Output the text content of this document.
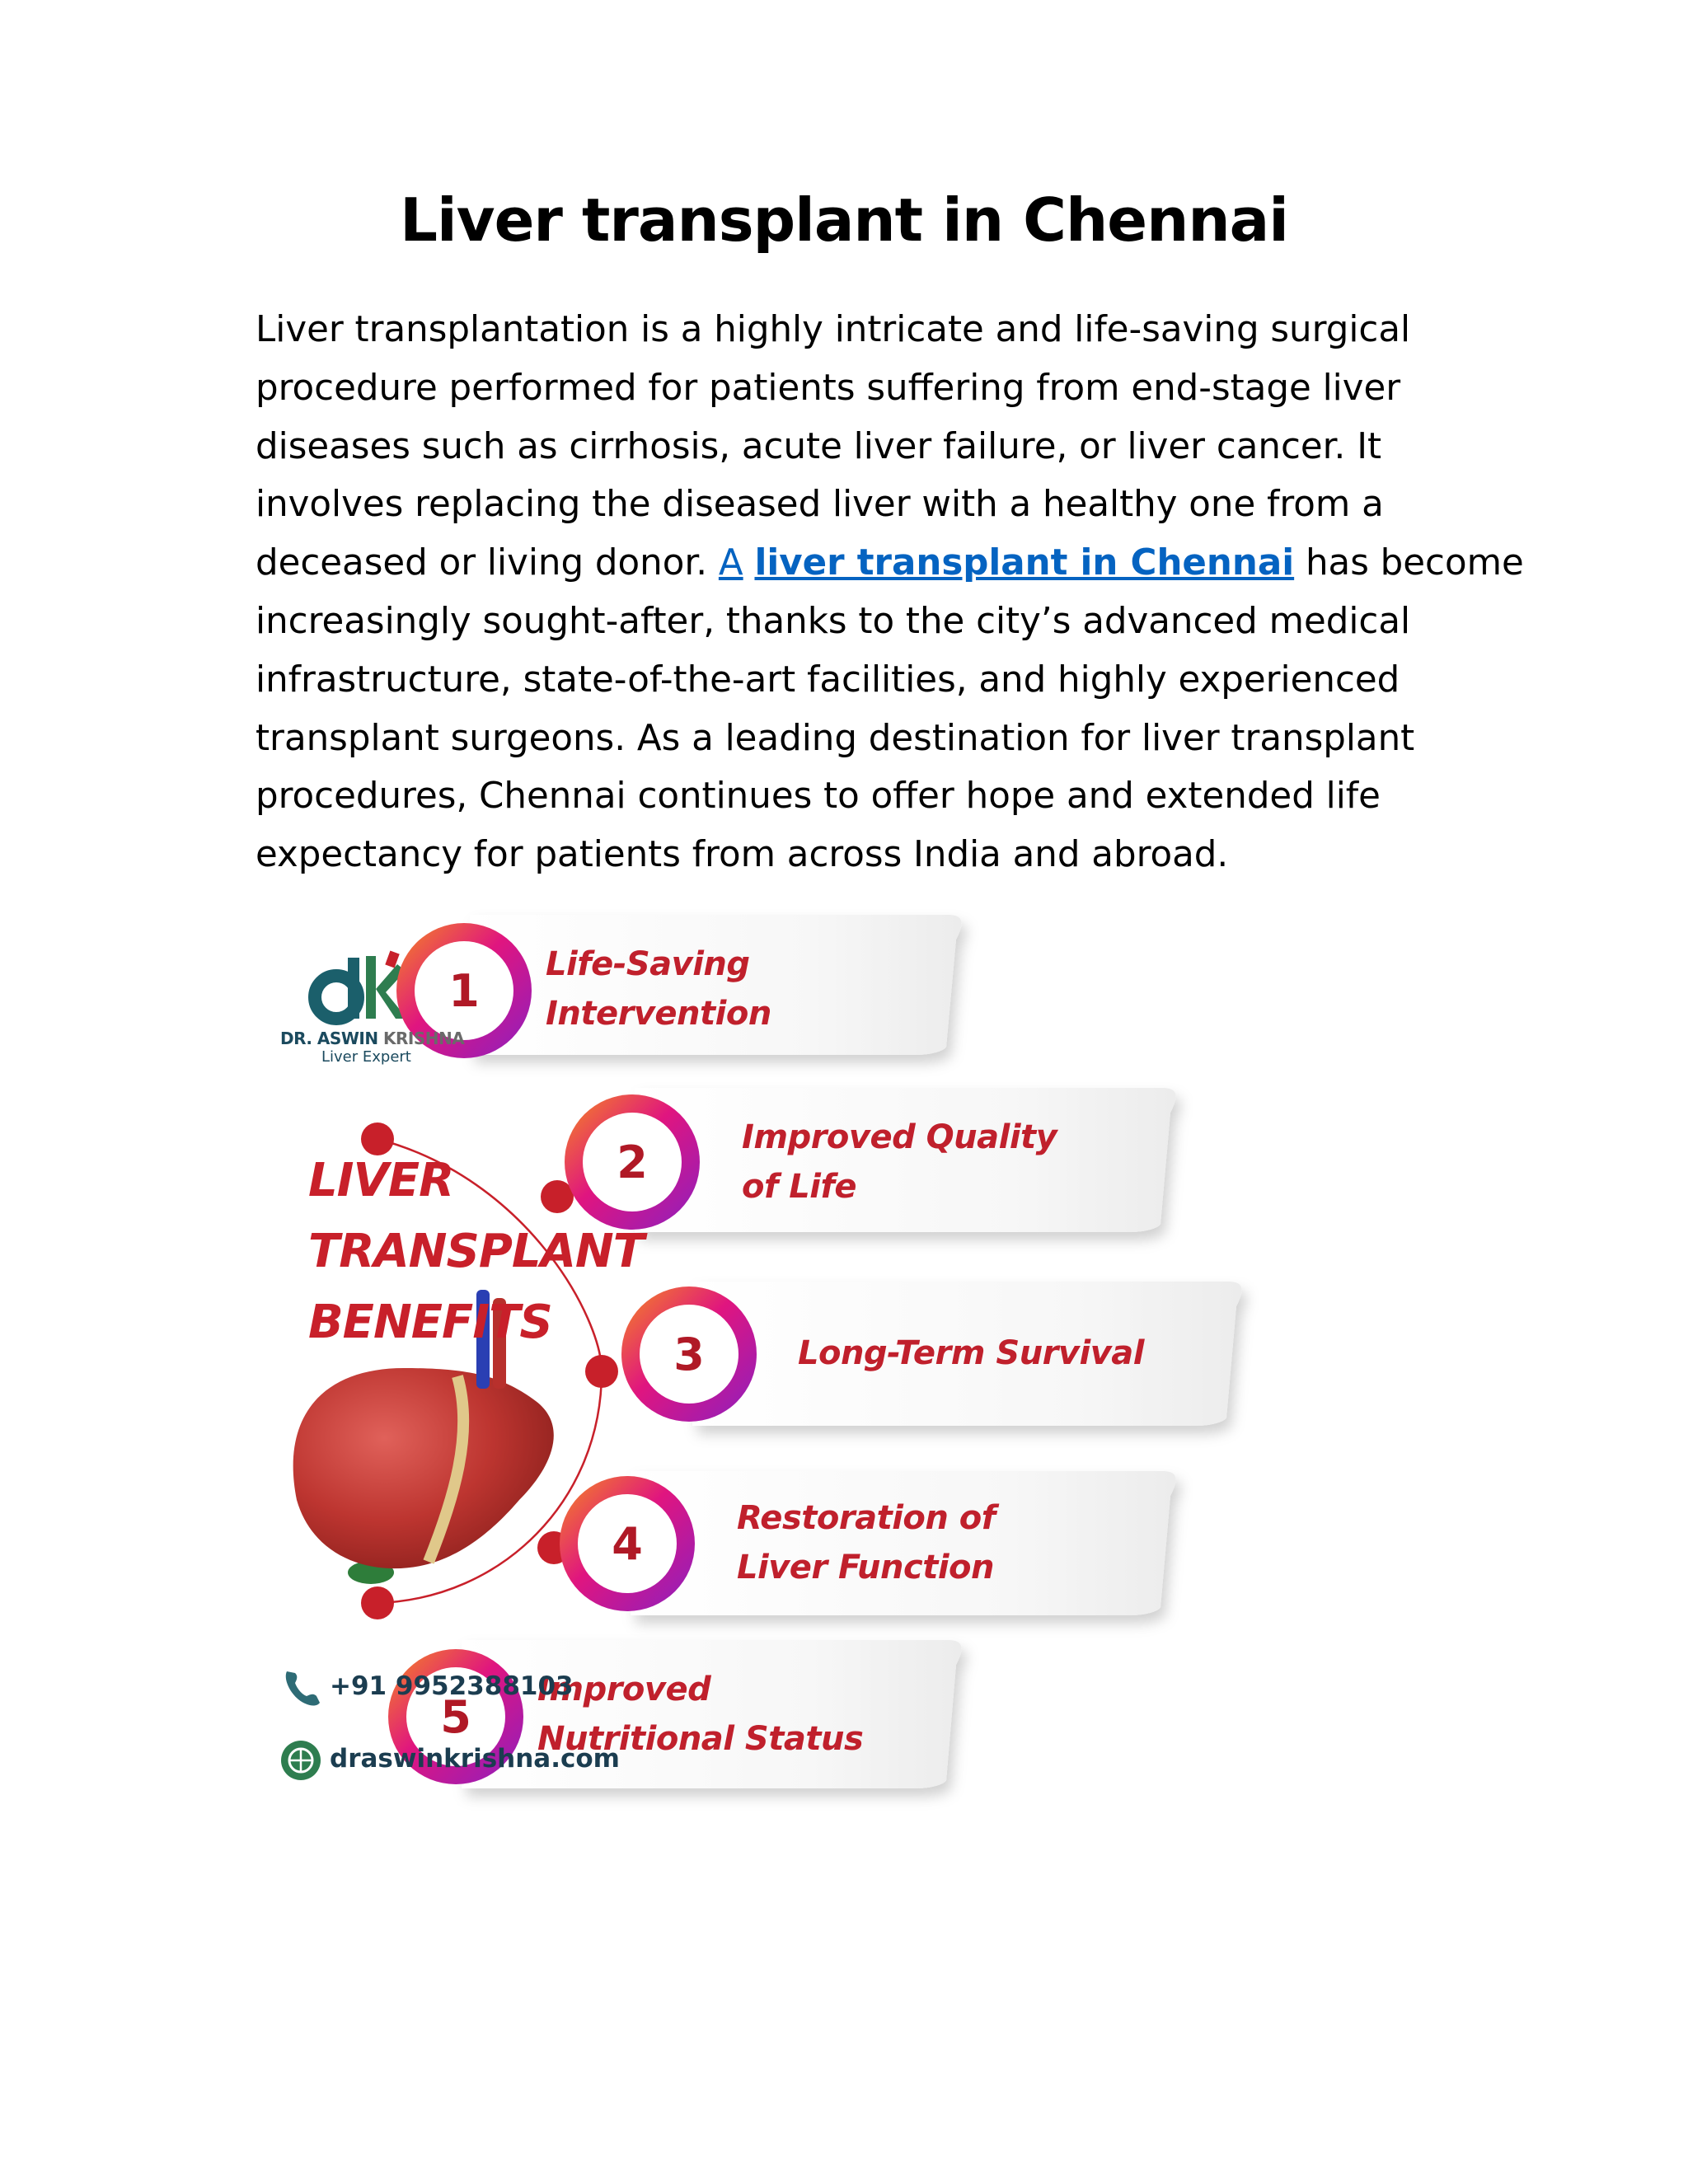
Liver transplant in Chennai
Liver transplantation is a highly intricate and life-saving surgical
procedure performed for patients suffering from end-stage liver
diseases such as cirrhosis, acute liver failure, or liver cancer. It
involves replacing the diseased liver with a healthy one from a
deceased or living donor. A liver transplant in Chennai has become
increasingly sought-after, thanks to the city’s advanced medical
infrastructure, state-of-the-art facilities, and highly experienced
transplant surgeons. As a leading destination for liver transplant
procedures, Chennai continues to offer hope and extended life
expectancy for patients from across India and abroad.
DR. ASWIN KRISHNA
Liver Expert
LIVER
TRANSPLANT
BENEFITS
1
2
3
4
5
Life-Saving
Intervention
Improved Quality
of Life
Long-Term Survival
Restoration of
Liver Function
Improved
Nutritional Status
+91 9952388103
draswinkrishna.com
